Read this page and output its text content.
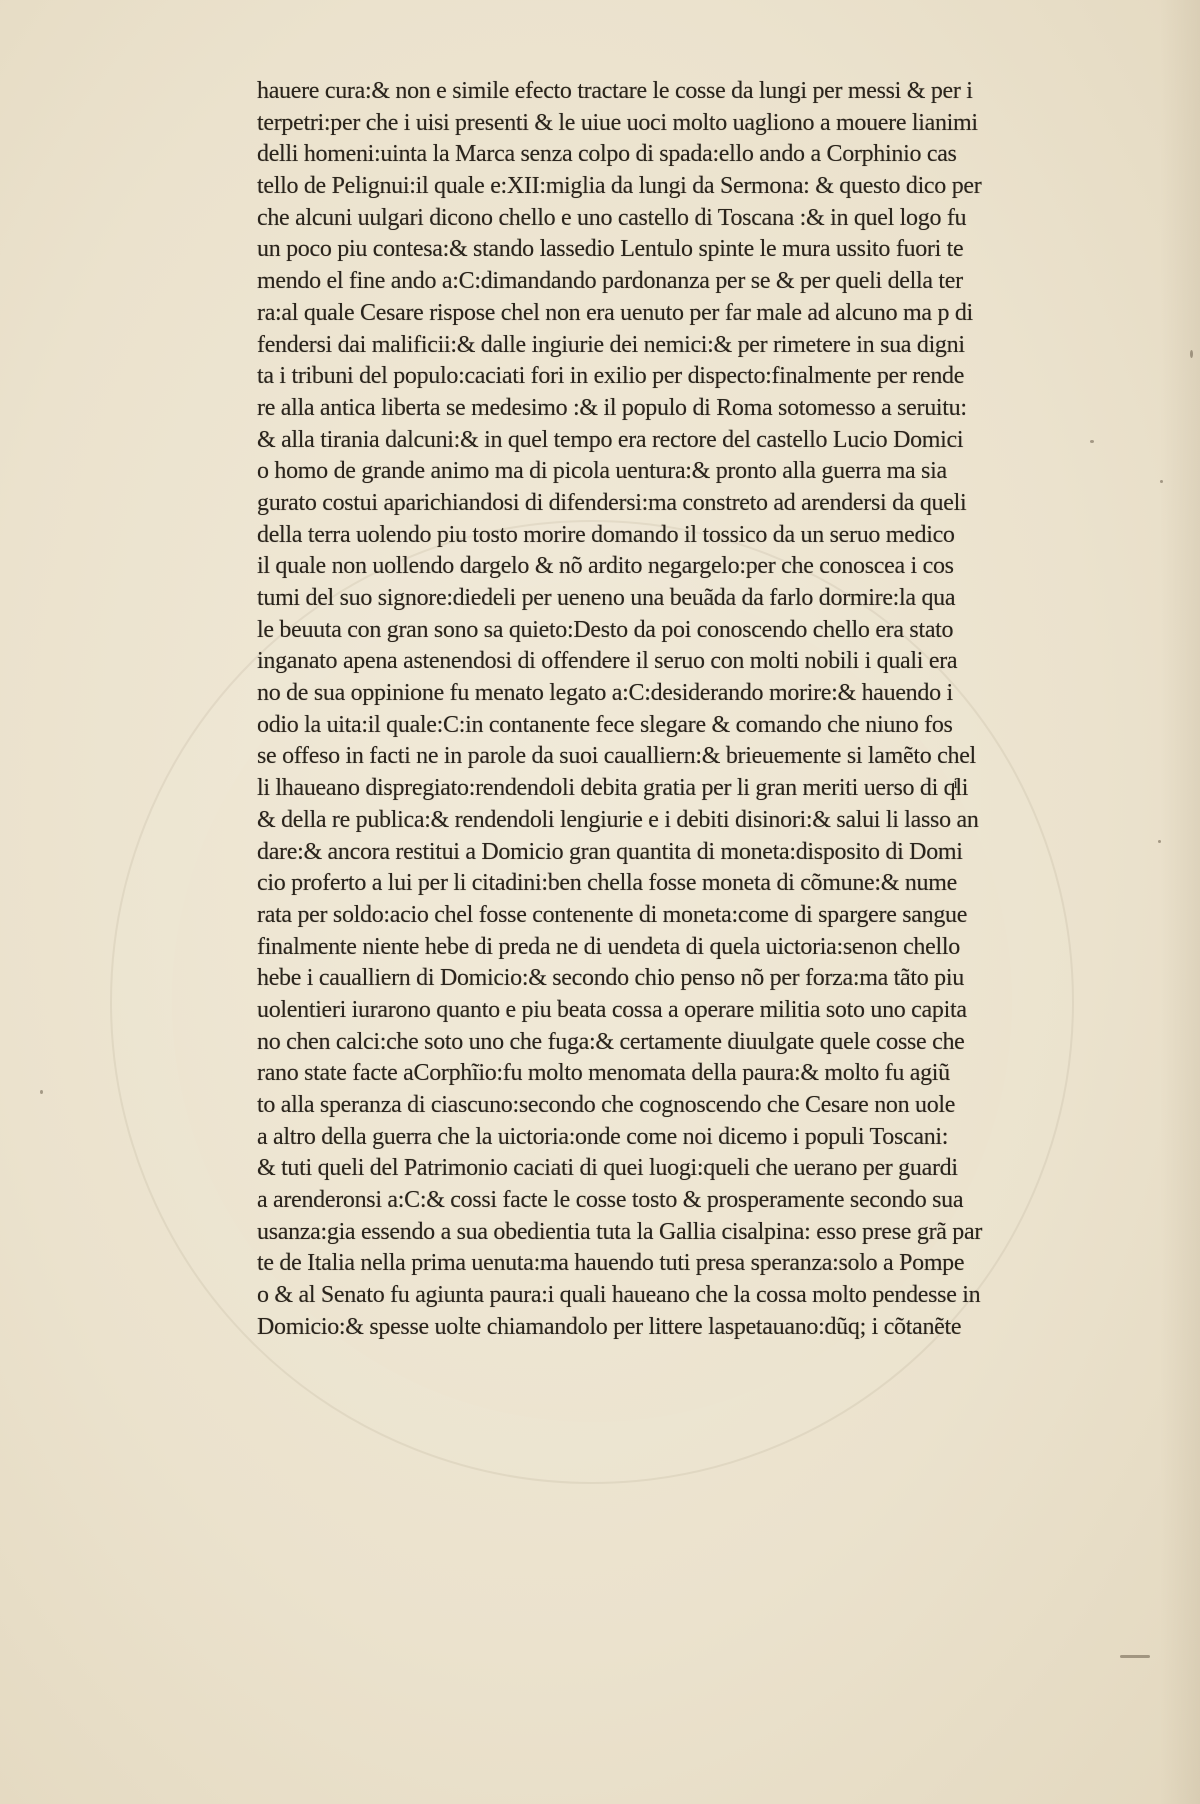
hauere cura:& non e simile efecto tractare le cosse da lungi per messi & per i
terpetri:per che i uisi presenti & le uiue uoci molto uagliono a mouere lianimi
delli homeni:uinta la Marca senza colpo di spada:ello ando a Corphinio cas
tello de Pelignui:il quale e:XII:miglia da lungi da Sermona: & questo dico per
che alcuni uulgari dicono chello e uno castello di Toscana :& in quel logo fu
un poco piu contesa:& stando lassedio Lentulo spinte le mura ussito fuori te
mendo el fine ando a:C:dimandando pardonanza per se & per queli della ter
ra:al quale Cesare rispose chel non era uenuto per far male ad alcuno ma p di
fendersi dai malificii:& dalle ingiurie dei nemici:& per rimetere in sua digni
ta i tribuni del populo:caciati fori in exilio per dispecto:finalmente per rende
re alla antica liberta se medesimo :& il populo di Roma sotomesso a seruitu:
& alla tirania dalcuni:& in quel tempo era rectore del castello Lucio Domici
o homo de grande animo ma di picola uentura:& pronto alla guerra ma sia
gurato costui aparichiandosi di difendersi:ma constreto ad arendersi da queli
della terra uolendo piu tosto morire domando il tossico da un seruo medico
il quale non uollendo dargelo & nõ ardito negargelo:per che conoscea i cos
tumi del suo signore:diedeli per ueneno una beuãda da farlo dormire:la qua
le beuuta con gran sono sa quieto:Desto da poi conoscendo chello era stato
inganato apena astenendosi di offendere il seruo con molti nobili i quali era
no de sua oppinione fu menato legato a:C:desiderando morire:& hauendo i
odio la uita:il quale:C:in contanente fece slegare & comando che niuno fos
se offeso in facti ne in parole da suoi caualliern:& brieuemente si lamẽto chel
li lhaueano dispregiato:rendendoli debita gratia per li gran meriti uerso di qͥli
& della re publica:& rendendoli lengiurie e i debiti disinori:& salui li lasso an
dare:& ancora restitui a Domicio gran quantita di moneta:disposito di Domi
cio proferto a lui per li citadini:ben chella fosse moneta di cõmune:& nume
rata per soldo:acio chel fosse contenente di moneta:come di spargere sangue
finalmente niente hebe di preda ne di uendeta di quela uictoria:senon chello
hebe i caualliern di Domicio:& secondo chio penso nõ per forza:ma tãto piu
uolentieri iurarono quanto e piu beata cossa a operare militia soto uno capita
no chen calci:che soto uno che fuga:& certamente diuulgate quele cosse che
rano state facte aCorphĩio:fu molto menomata della paura:& molto fu agiũ
to alla speranza di ciascuno:secondo che cognoscendo che Cesare non uole
a altro della guerra che la uictoria:onde come noi dicemo i populi Toscani:
& tuti queli del Patrimonio caciati di quei luogi:queli che uerano per guardi
a arenderonsi a:C:& cossi facte le cosse tosto & prosperamente secondo sua
usanza:gia essendo a sua obedientia tuta la Gallia cisalpina: esso prese grã par
te de Italia nella prima uenuta:ma hauendo tuti presa speranza:solo a Pompe
o & al Senato fu agiunta paura:i quali haueano che la cossa molto pendesse in
Domicio:& spesse uolte chiamandolo per littere laspetauano:dũq; i cõtanẽte
